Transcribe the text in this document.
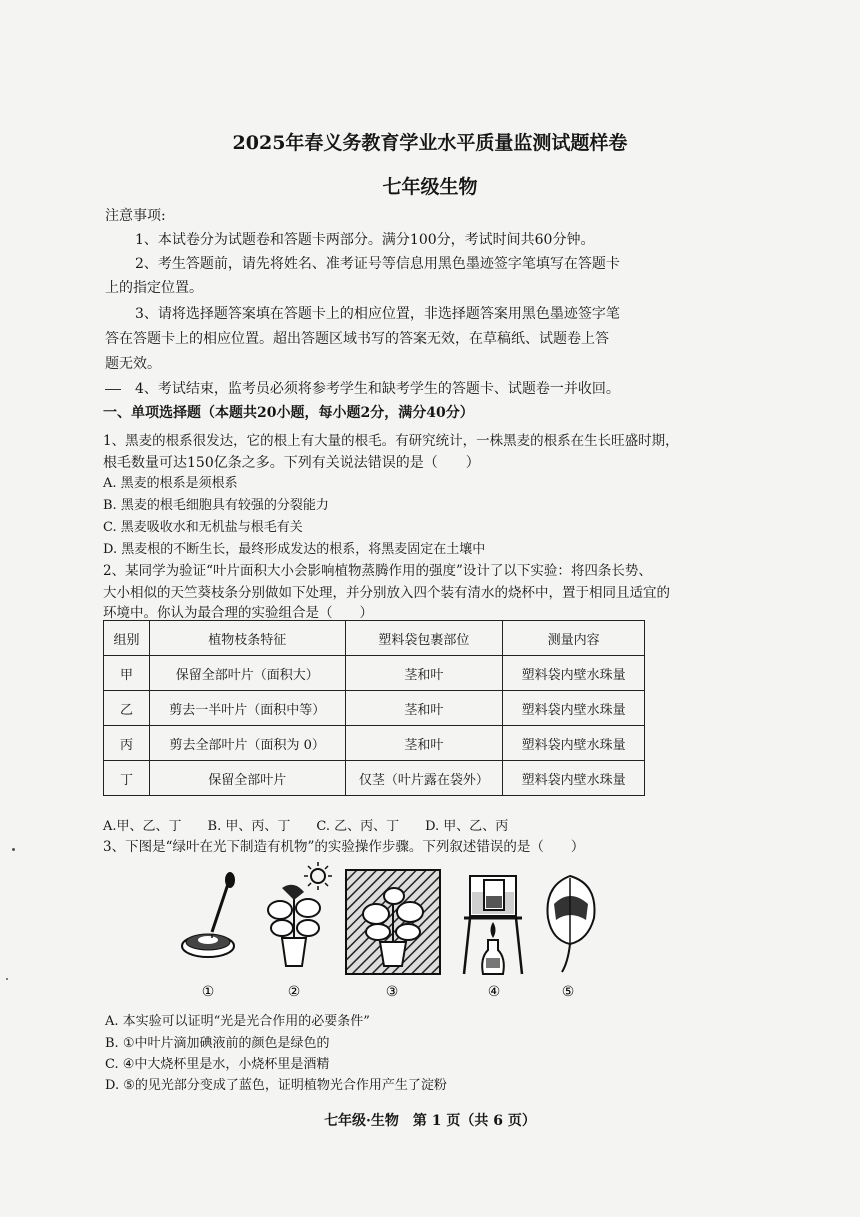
2025年春义务教育学业水平质量监测试题样卷
七年级生物
注意事项:
1、本试卷分为试题卷和答题卡两部分。满分100分，考试时间共60分钟。
2、考生答题前，请先将姓名、准考证号等信息用黑色墨迹签字笔填写在答题卡
上的指定位置。
3、请将选择题答案填在答题卡上的相应位置，非选择题答案用黑色墨迹签字笔
答在答题卡上的相应位置。超出答题区域书写的答案无效，在草稿纸、试题卷上答
题无效。
4、考试结束，监考员必须将参考学生和缺考学生的答题卡、试题卷一并收回。
一、单项选择题（本题共20小题，每小题2分，满分40分）
1、黑麦的根系很发达，它的根上有大量的根毛。有研究统计，一株黑麦的根系在生长旺盛时期，
根毛数量可达150亿条之多。下列有关说法错误的是（　　）
A. 黑麦的根系是须根系
B. 黑麦的根毛细胞具有较强的分裂能力
C. 黑麦吸收水和无机盐与根毛有关
D. 黑麦根的不断生长，最终形成发达的根系，将黑麦固定在土壤中
2、某同学为验证“叶片面积大小会影响植物蒸腾作用的强度”设计了以下实验：将四条长势、
大小相似的天竺葵枝条分别做如下处理，并分别放入四个装有清水的烧杯中，置于相同且适宜的
环境中。你认为最合理的实验组合是（　　）
组别	植物枝条特征	塑料袋包裹部位	测量内容
甲	保留全部叶片（面积大）	茎和叶	塑料袋内壁水珠量
乙	剪去一半叶片（面积中等）	茎和叶	塑料袋内壁水珠量
丙	剪去全部叶片（面积为 0）	茎和叶	塑料袋内壁水珠量
丁	保留全部叶片	仅茎（叶片露在袋外）	塑料袋内壁水珠量
A.甲、乙、丁　　B. 甲、丙、丁　　C. 乙、丙、丁　　D. 甲、乙、丙
3、下图是“绿叶在光下制造有机物”的实验操作步骤。下列叙述错误的是（　　）
①	②	③	④	⑤
A. 本实验可以证明“光是光合作用的必要条件”
B. ①中叶片滴加碘液前的颜色是绿色的
C. ④中大烧杯里是水，小烧杯里是酒精
D. ⑤的见光部分变成了蓝色，证明植物光合作用产生了淀粉
七年级·生物　第 1 页（共 6 页）
